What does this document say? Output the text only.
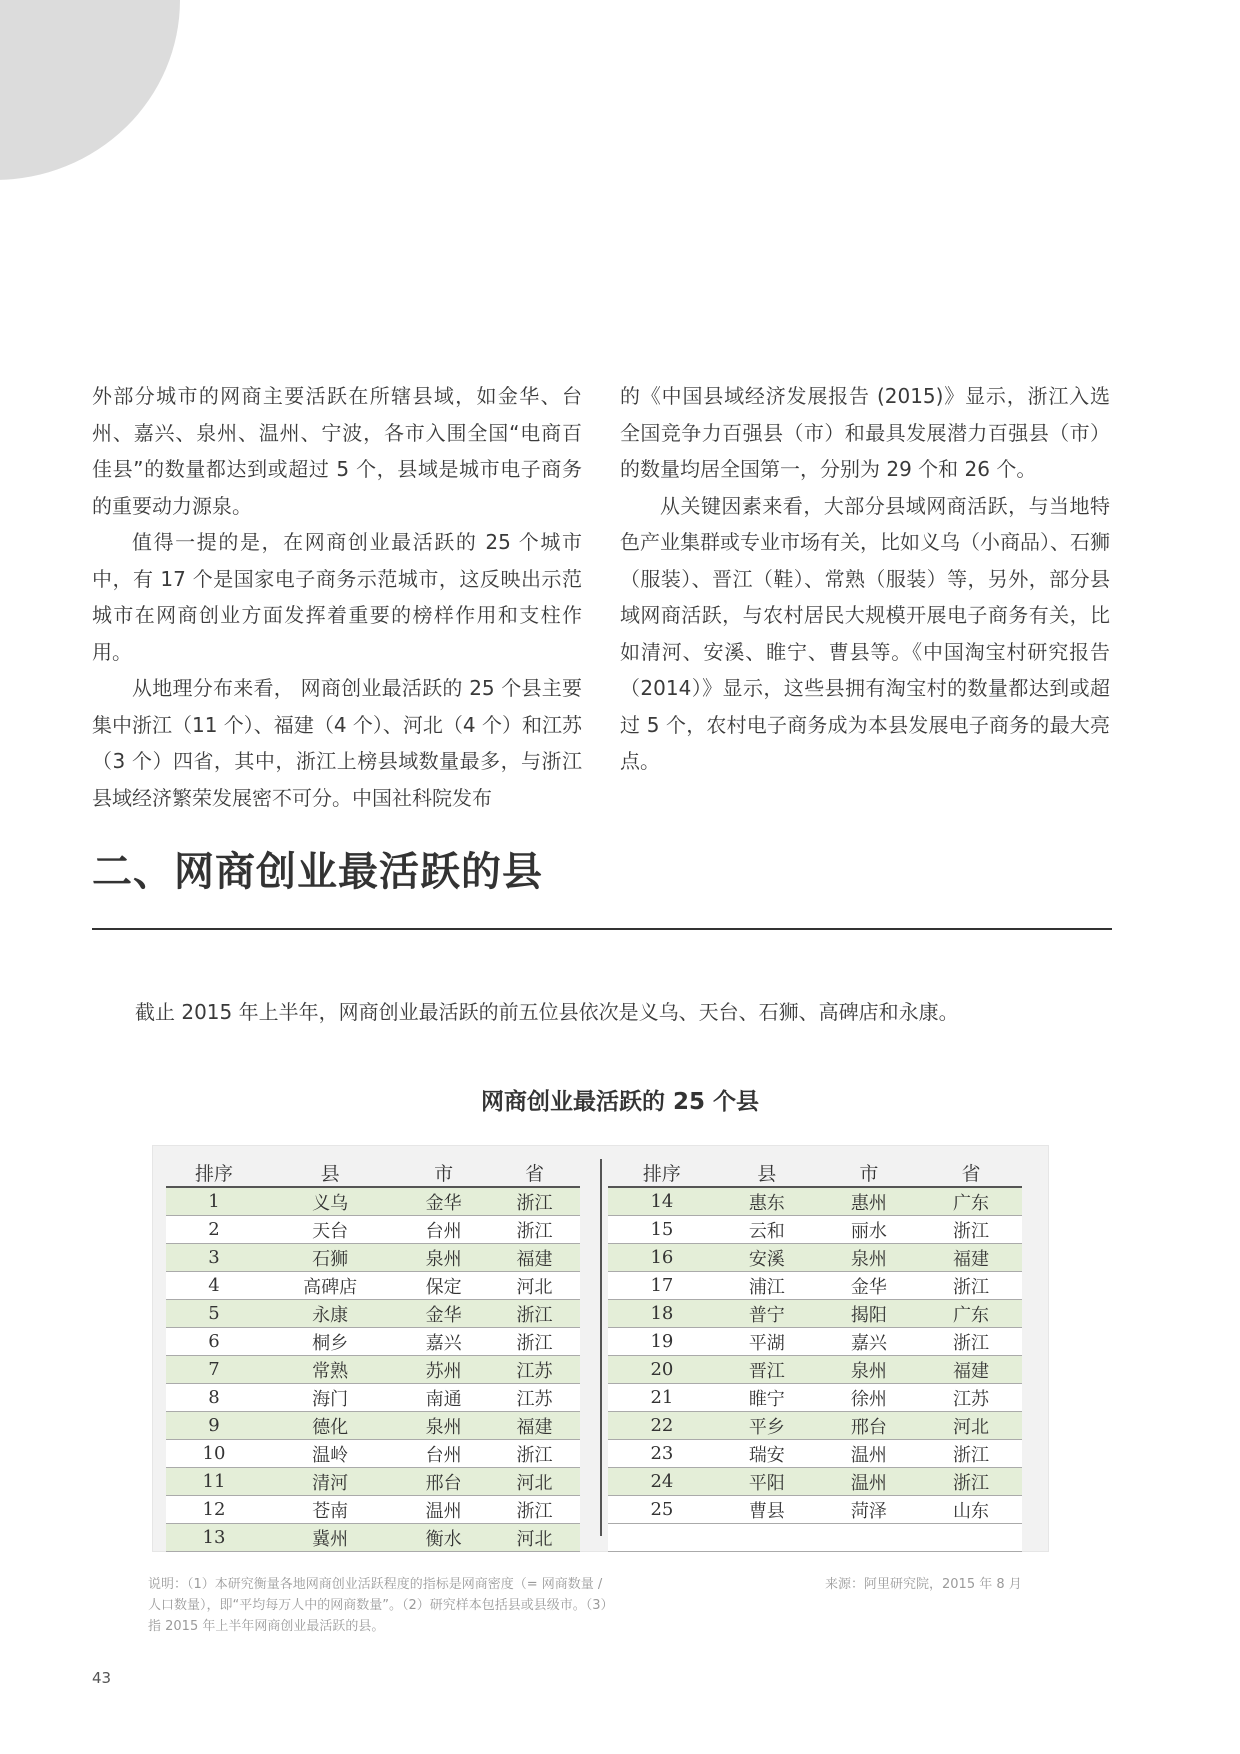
外部分城市的网商主要活跃在所辖县域，如金华、台州、嘉兴、泉州、温州、宁波，各市入围全国“电商百佳县”的数量都达到或超过 5 个，县域是城市电子商务的重要动力源泉。

值得一提的是，在网商创业最活跃的 25 个城市中，有 17 个是国家电子商务示范城市，这反映出示范城市在网商创业方面发挥着重要的榜样作用和支柱作用。

从地理分布来看， 网商创业最活跃的 25 个县主要集中浙江（11 个）、福建（4 个）、河北（4 个）和江苏（3 个）四省，其中，浙江上榜县域数量最多，与浙江县域经济繁荣发展密不可分。中国社科院发布

的《中国县域经济发展报告 (2015)》显示，浙江入选全国竞争力百强县（市）和最具发展潜力百强县（市）的数量均居全国第一，分别为 29 个和 26 个。

从关键因素来看，大部分县域网商活跃，与当地特色产业集群或专业市场有关，比如义乌（小商品）、石狮（服装）、晋江（鞋）、常熟（服装）等，另外，部分县域网商活跃，与农村居民大规模开展电子商务有关，比如清河、安溪、睢宁、曹县等。《中国淘宝村研究报告（2014）》显示，这些县拥有淘宝村的数量都达到或超过 5 个，农村电子商务成为本县发展电子商务的最大亮点。

二、网商创业最活跃的县

截止 2015 年上半年，网商创业最活跃的前五位县依次是义乌、天台、石狮、高碑店和永康。

网商创业最活跃的 25 个县

排序	县	市	省
1	义乌	金华	浙江
2	天台	台州	浙江
3	石狮	泉州	福建
4	高碑店	保定	河北
5	永康	金华	浙江
6	桐乡	嘉兴	浙江
7	常熟	苏州	江苏
8	海门	南通	江苏
9	德化	泉州	福建
10	温岭	台州	浙江
11	清河	邢台	河北
12	苍南	温州	浙江
13	冀州	衡水	河北
排序	县	市	省
14	惠东	惠州	广东
15	云和	丽水	浙江
16	安溪	泉州	福建
17	浦江	金华	浙江
18	普宁	揭阳	广东
19	平湖	嘉兴	浙江
20	晋江	泉州	福建
21	睢宁	徐州	江苏
22	平乡	邢台	河北
23	瑞安	温州	浙江
24	平阳	温州	浙江
25	曹县	菏泽	山东

说明：（1）本研究衡量各地网商创业活跃程度的指标是网商密度（= 网商数量 / 人口数量），即“平均每万人中的网商数量”。（2）研究样本包括县或县级市。（3）指 2015 年上半年网商创业最活跃的县。

来源：阿里研究院，2015 年 8 月

43
